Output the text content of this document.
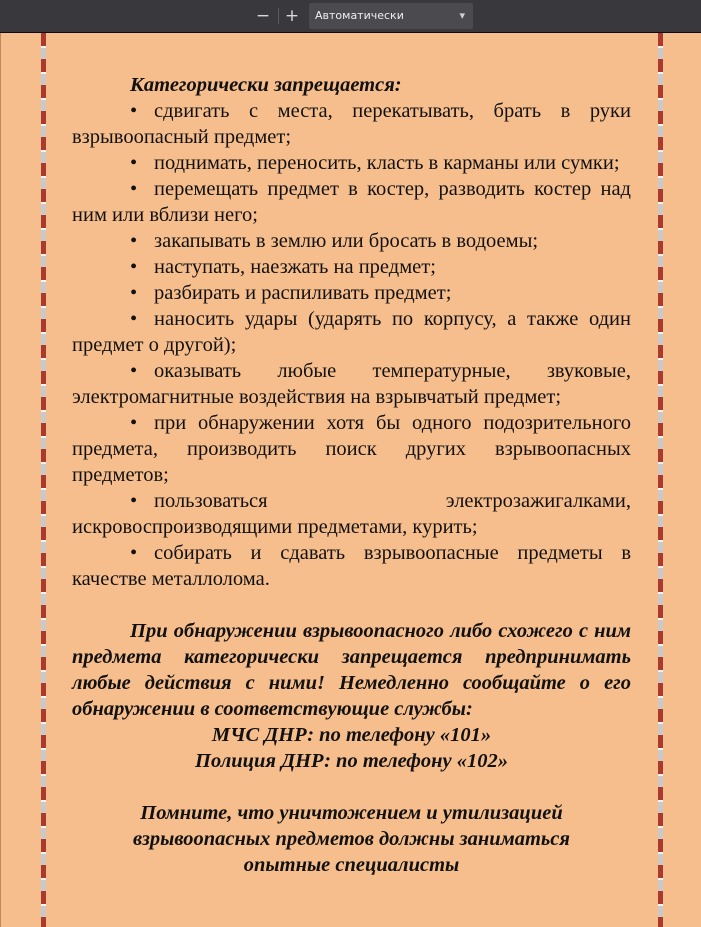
− +	Автоматически	▾

Категорически запрещается:

• сдвигать с места, перекатывать, брать в руки взрывоопасный предмет;

• поднимать, переносить, класть в карманы или сумки;

• перемещать предмет в костер, разводить костер над ним или вблизи него;

• закапывать в землю или бросать в водоемы;

• наступать, наезжать на предмет;

• разбирать и распиливать предмет;

• наносить удары (ударять по корпусу, а также один предмет о другой);

• оказывать любые температурные, звуковые, электромагнитные воздействия на взрывчатый предмет;

• при обнаружении хотя бы одного подозрительного предмета, производить поиск других взрывоопасных предметов;

• пользоваться электрозажигалками, искровоспроизводящими предметами, курить;

• собирать и сдавать взрывоопасные предметы в качестве металлолома.

При обнаружении взрывоопасного либо схожего с ним предмета категорически запрещается предпринимать любые действия с ними! Немедленно сообщайте о его обнаружении в соответствующие службы:

МЧС ДНР: по телефону «101»

Полиция ДНР: по телефону «102»

Помните, что уничтожением и утилизацией взрывоопасных предметов должны заниматься опытные специалисты
